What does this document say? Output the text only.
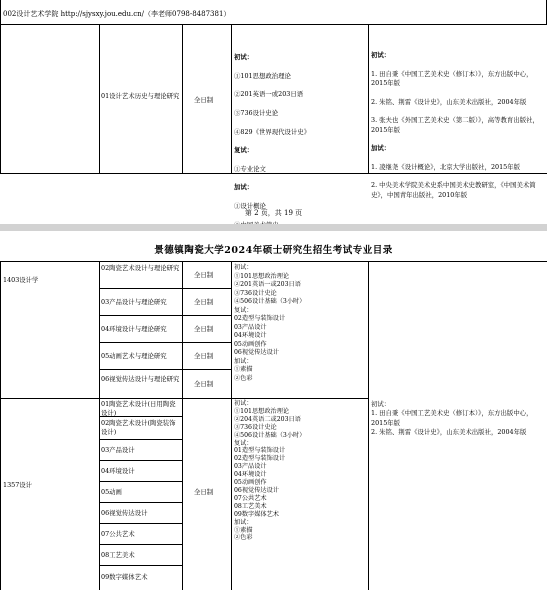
002设计艺术学院 http://sjysxy.jou.edu.cn/（李老师0798-8487381）
01设计艺术历史与理论研究 全日制

初试：

①101思想政治理论

②201英语一或203日语

③736设计史论

④829《世界现代设计史》

复试：

①专业论文

加试：

①设计概论

初试：

1. 田自秉《中国工艺美术史（修订本）》，东方出版中心，2015年版

2. 朱铭、荆雷《设计史》，山东美术出版社，2004年版

3. 张夫也《外国工艺美术史（第二版）》，高等教育出版社，2015年版

加试：

1. 凌继尧《设计概论》，北京大学出版社，2015年版

2. 中央美术学院美术史系中国美术史教研室，《中国美术简史》，中国青年出版社，2010年版

第 2 页，共 19 页
景德镇陶瓷大学2024年硕士研究生招生考试专业目录
1403设计学
02陶瓷艺术设计与理论研究
03产品设计与理论研究
04环境设计与理论研究
05动画艺术与理论研究
06视觉传达设计与理论研究
全日制
全日制
全日制
全日制
全日制
初试：
①101思想政治理论
②201英语一或203日语
③736设计史论
④506设计基础（3小时）
复试：
02造型与装饰设计
03产品设计
04环境设计
05动画创作
06视觉传达设计
加试：
①素描
②色彩
初试：
1. 田自秉《中国工艺美术史（修订本）》，东方出版中心，2015年版
2. 朱铭、荆雷《设计史》，山东美术出版社，2004年版
1357设计
01陶瓷艺术设计(日用陶瓷设计)
02陶瓷艺术设计(陶瓷装饰设计)
03产品设计
04环境设计
05动画
06视觉传达设计
07公共艺术
08工艺美术
09数字媒体艺术
全日制
初试：
①101思想政治理论
②204英语二或203日语
③736设计史论
④506设计基础（3小时）
复试：
01造型与装饰设计
02造型与装饰设计
03产品设计
04环境设计
05动画创作
06视觉传达设计
07公共艺术
08工艺美术
09数字媒体艺术
加试：
①素描
②色彩
